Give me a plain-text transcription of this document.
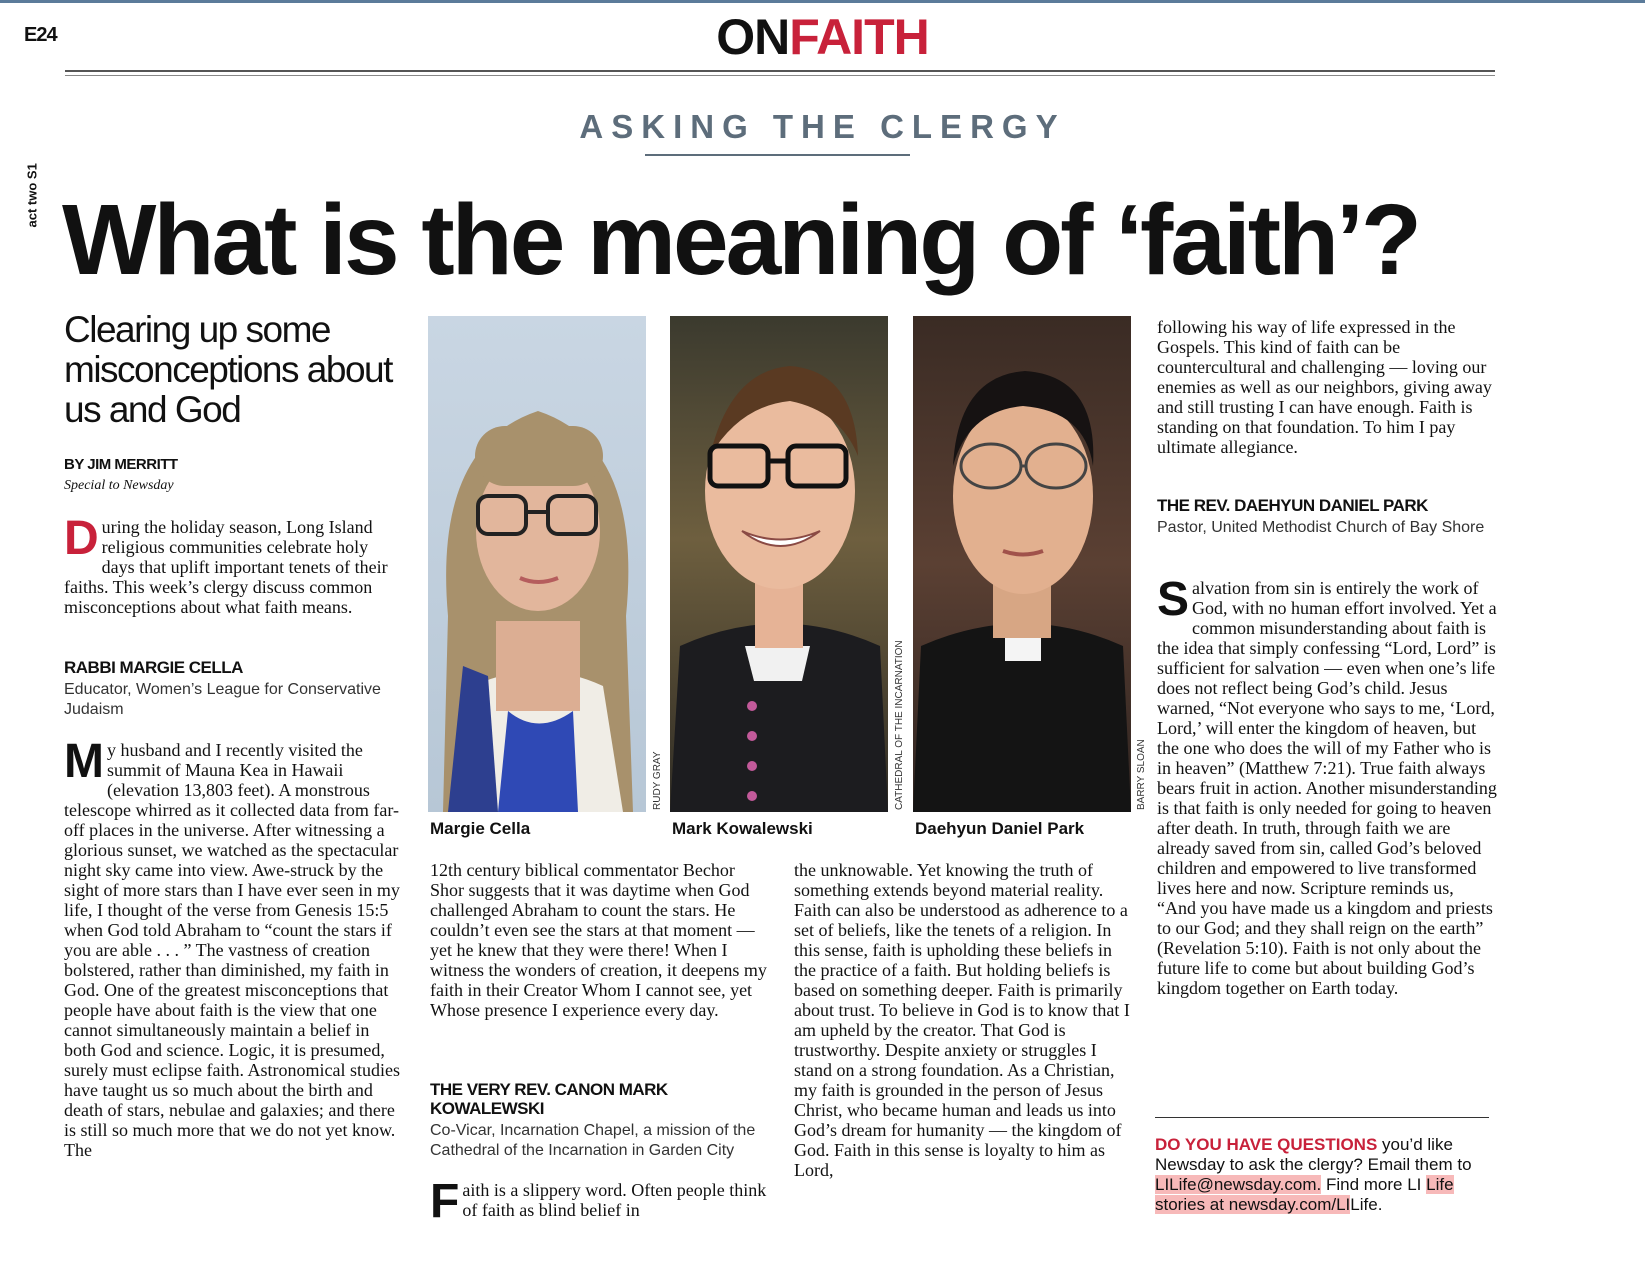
E24
act two S1
ONFAITH
ASKING THE CLERGY
What is the meaning of ‘faith’?
Clearing up some misconceptions about us and God
BY JIM MERRITT
Special to Newsday
During the holiday season, Long Island religious communities celebrate holy days that uplift important tenets of their faiths. This week’s clergy discuss common misconceptions about what faith means.
RABBI MARGIE CELLA
Educator, Women’s League for Conservative Judaism
My husband and I recently visited the summit of Mauna Kea in Hawaii (elevation 13,803 feet). A monstrous telescope whirred as it collected data from far-off places in the universe. After witnessing a glorious sunset, we watched as the spectacular night sky came into view. Awe-struck by the sight of more stars than I have ever seen in my life, I thought of the verse from Genesis 15:5 when God told Abraham to “count the stars if you are able . . . ” The vastness of creation bolstered, rather than diminished, my faith in God. One of the greatest misconceptions that people have about faith is the view that one cannot simultaneously maintain a belief in both God and science. Logic, it is presumed, surely must eclipse faith. Astronomical studies have taught us so much about the birth and death of stars, nebulae and galaxies; and there is still so much more that we do not yet know. The
RUDY GRAY	CATHEDRAL OF THE INCARNATION	BARRY SLOAN
Margie Cella	Mark Kowalewski	Daehyun Daniel Park
12th century biblical commentator Bechor Shor suggests that it was daytime when God challenged Abraham to count the stars. He couldn’t even see the stars at that moment — yet he knew that they were there! When I witness the wonders of creation, it deepens my faith in their Creator Whom I cannot see, yet Whose presence I experience every day.
THE VERY REV. CANON MARK KOWALEWSKI
Co-Vicar, Incarnation Chapel, a mission of the Cathedral of the Incarnation in Garden City
Faith is a slippery word. Often people think of faith as blind belief in
the unknowable. Yet knowing the truth of something extends beyond material reality. Faith can also be understood as adherence to a set of beliefs, like the tenets of a religion. In this sense, faith is upholding these beliefs in the practice of a faith. But holding beliefs is based on something deeper. Faith is primarily about trust. To believe in God is to know that I am upheld by the creator. That God is trustworthy. Despite anxiety or struggles I stand on a strong foundation. As a Christian, my faith is grounded in the person of Jesus Christ, who became human and leads us into God’s dream for humanity — the kingdom of God. Faith in this sense is loyalty to him as Lord,
following his way of life expressed in the Gospels. This kind of faith can be countercultural and challenging — loving our enemies as well as our neighbors, giving away and still trusting I can have enough. Faith is standing on that foundation. To him I pay ultimate allegiance.
THE REV. DAEHYUN DANIEL PARK
Pastor, United Methodist Church of Bay Shore
Salvation from sin is entirely the work of God, with no human effort involved. Yet a common misunderstanding about faith is the idea that simply confessing “Lord, Lord” is sufficient for salvation — even when one’s life does not reflect being God’s child. Jesus warned, “Not everyone who says to me, ‘Lord, Lord,’ will enter the kingdom of heaven, but the one who does the will of my Father who is in heaven” (Matthew 7:21). True faith always bears fruit in action. Another misunderstanding is that faith is only needed for going to heaven after death. In truth, through faith we are already saved from sin, called God’s beloved children and empowered to live transformed lives here and now. Scripture reminds us, “And you have made us a kingdom and priests to our God; and they shall reign on the earth” (Revelation 5:10). Faith is not only about the future life to come but about building God’s kingdom together on Earth today.
DO YOU HAVE QUESTIONS you’d like Newsday to ask the clergy? Email them to LILife@newsday.com. Find more LI Life stories at newsday.com/LILife.
